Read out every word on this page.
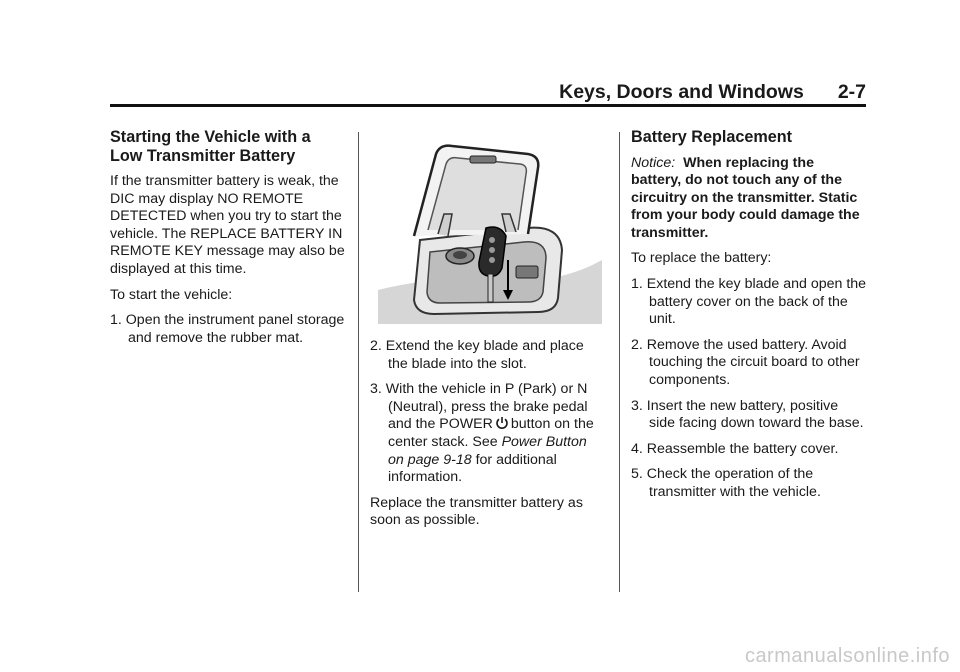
Keys, Doors and Windows 2-7
Starting the Vehicle with a Low Transmitter Battery

If the transmitter battery is weak, the DIC may display NO REMOTE DETECTED when you try to start the vehicle. The REPLACE BATTERY IN REMOTE KEY message may also be displayed at this time.

To start the vehicle:

1. Open the instrument panel storage and remove the rubber mat.
2. Extend the key blade and place the blade into the slot.
3. With the vehicle in P (Park) or N (Neutral), press the brake pedal and the POWER button on the center stack. See Power Button on page 9-18 for additional information.

Replace the transmitter battery as soon as possible.

Battery Replacement

Notice: When replacing the battery, do not touch any of the circuitry on the transmitter. Static from your body could damage the transmitter.

To replace the battery:

1. Extend the key blade and open the battery cover on the back of the unit.
2. Remove the used battery. Avoid touching the circuit board to other components.
3. Insert the new battery, positive side facing down toward the base.
4. Reassemble the battery cover.
5. Check the operation of the transmitter with the vehicle.
carmanualsonline.info
